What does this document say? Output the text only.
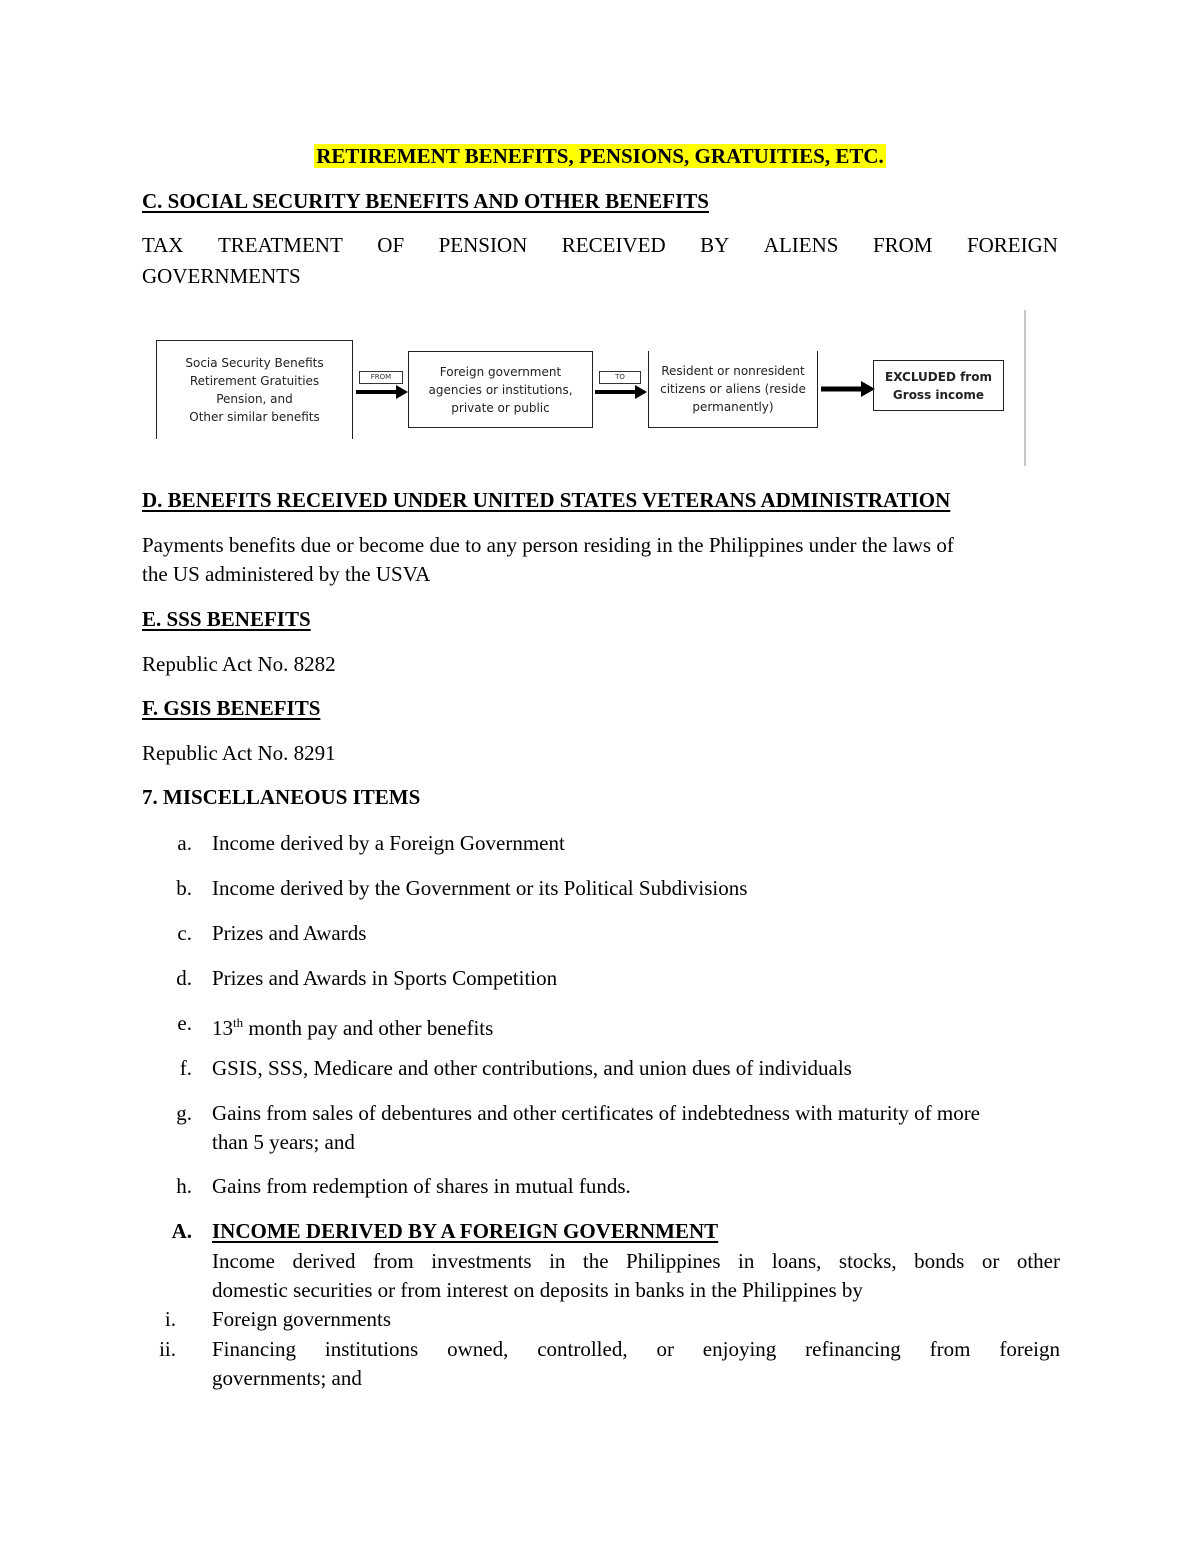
RETIREMENT BENEFITS, PENSIONS, GRATUITIES, ETC.
C. SOCIAL SECURITY BENEFITS AND OTHER BENEFITS
TAX TREATMENT OF PENSION RECEIVED BY ALIENS FROM FOREIGN
GOVERNMENTS
Socia Security Benefits
Retirement Gratuities
Pension, and
Other similar benefits
FROM	Foreign government
agencies or institutions,
private or public
TO	Resident or nonresident
citizens or aliens (reside
permanently)
EXCLUDED from
Gross income
D. BENEFITS RECEIVED UNDER UNITED STATES VETERANS ADMINISTRATION
Payments benefits due or become due to any person residing in the Philippines under the laws of
the US administered by the USVA
E. SSS BENEFITS
Republic Act No. 8282
F. GSIS BENEFITS
Republic Act No. 8291
7. MISCELLANEOUS ITEMS
a. Income derived by a Foreign Government
b. Income derived by the Government or its Political Subdivisions
c. Prizes and Awards
d. Prizes and Awards in Sports Competition
e. 13th month pay and other benefits
f. GSIS, SSS, Medicare and other contributions, and union dues of individuals
g. Gains from sales of debentures and other certificates of indebtedness with maturity of more
than 5 years; and
h. Gains from redemption of shares in mutual funds.
A. INCOME DERIVED BY A FOREIGN GOVERNMENT
Income derived from investments in the Philippines in loans, stocks, bonds or other
domestic securities or from interest on deposits in banks in the Philippines by
i. Foreign governments
ii. Financing institutions owned, controlled, or enjoying refinancing from foreign
governments; and
